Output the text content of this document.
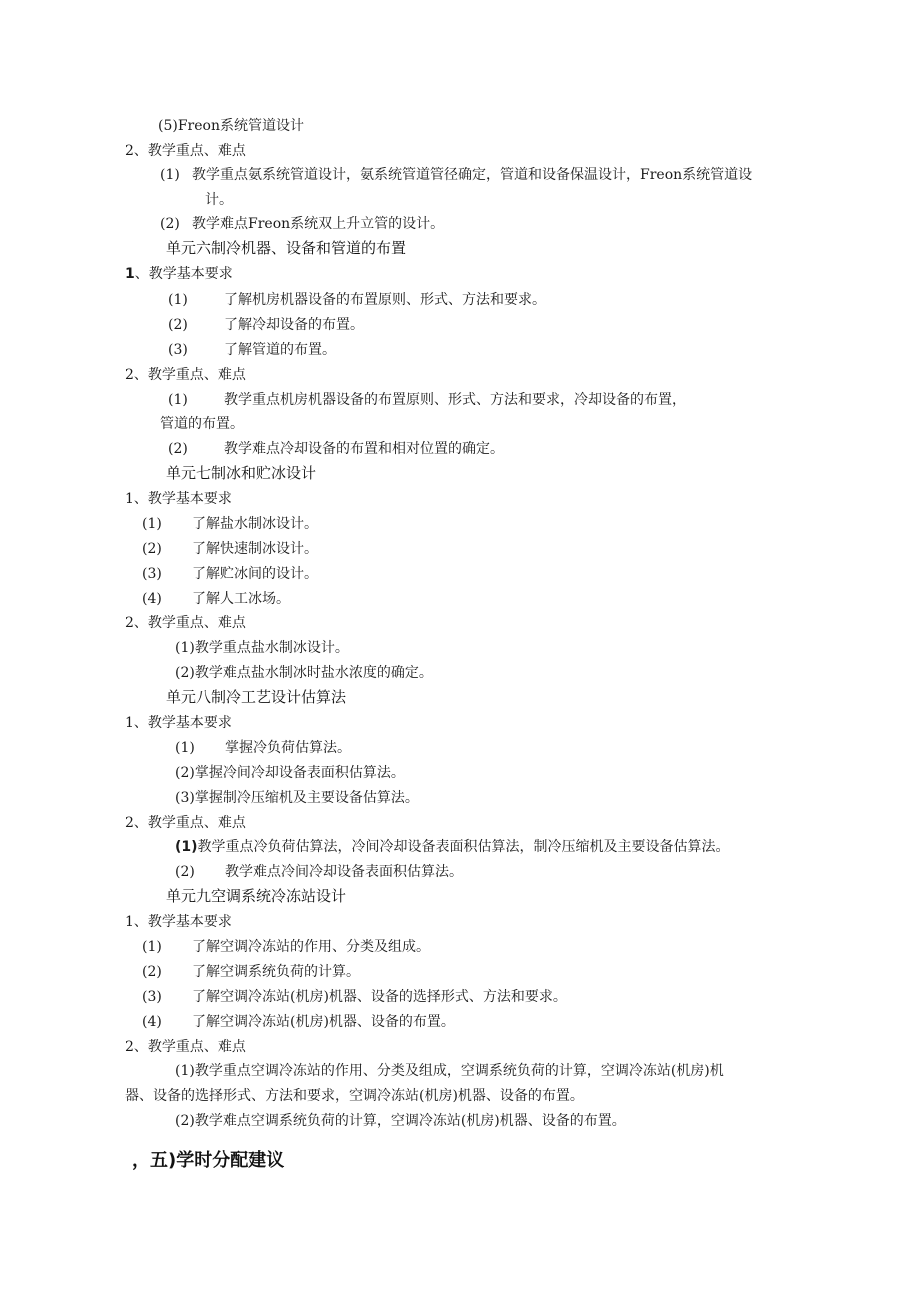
(5)Freon系统管道设计
2、教学重点、难点
(1) 教学重点氨系统管道设计，氨系统管道管径确定，管道和设备保温设计，Freon系统管道设
计。
(2) 教学难点Freon系统双上升立管的设计。
单元六制冷机器、设备和管道的布置
1、教学基本要求
(1)	了解机房机器设备的布置原则、形式、方法和要求。
(2)	了解冷却设备的布置。
(3)	了解管道的布置。
2、教学重点、难点
(1)	教学重点机房机器设备的布置原则、形式、方法和要求，冷却设备的布置，
管道的布置。
(2)	教学难点冷却设备的布置和相对位置的确定。
单元七制冰和贮冰设计
1、教学基本要求
(1) 了解盐水制冰设计。
(2) 了解快速制冰设计。
(3) 了解贮冰间的设计。
(4) 了解人工冰场。
2、教学重点、难点
(1)教学重点盐水制冰设计。
(2)教学难点盐水制冰时盐水浓度的确定。
单元八制冷工艺设计估算法
1、教学基本要求
(1) 掌握冷负荷估算法。
(2)掌握冷间冷却设备表面积估算法。
(3)掌握制冷压缩机及主要设备估算法。
2、教学重点、难点
(1)教学重点冷负荷估算法，冷间冷却设备表面积估算法，制冷压缩机及主要设备估算法。
(2) 教学难点冷间冷却设备表面积估算法。
单元九空调系统冷冻站设计
1、教学基本要求
(1) 了解空调冷冻站的作用、分类及组成。
(2) 了解空调系统负荷的计算。
(3) 了解空调冷冻站(机房)机器、设备的选择形式、方法和要求。
(4) 了解空调冷冻站(机房)机器、设备的布置。
2、教学重点、难点
(1)教学重点空调冷冻站的作用、分类及组成，空调系统负荷的计算，空调冷冻站(机房)机
器、设备的选择形式、方法和要求，空调冷冻站(机房)机器、设备的布置。
(2)教学难点空调系统负荷的计算，空调冷冻站(机房)机器、设备的布置。
，五)学时分配建议
